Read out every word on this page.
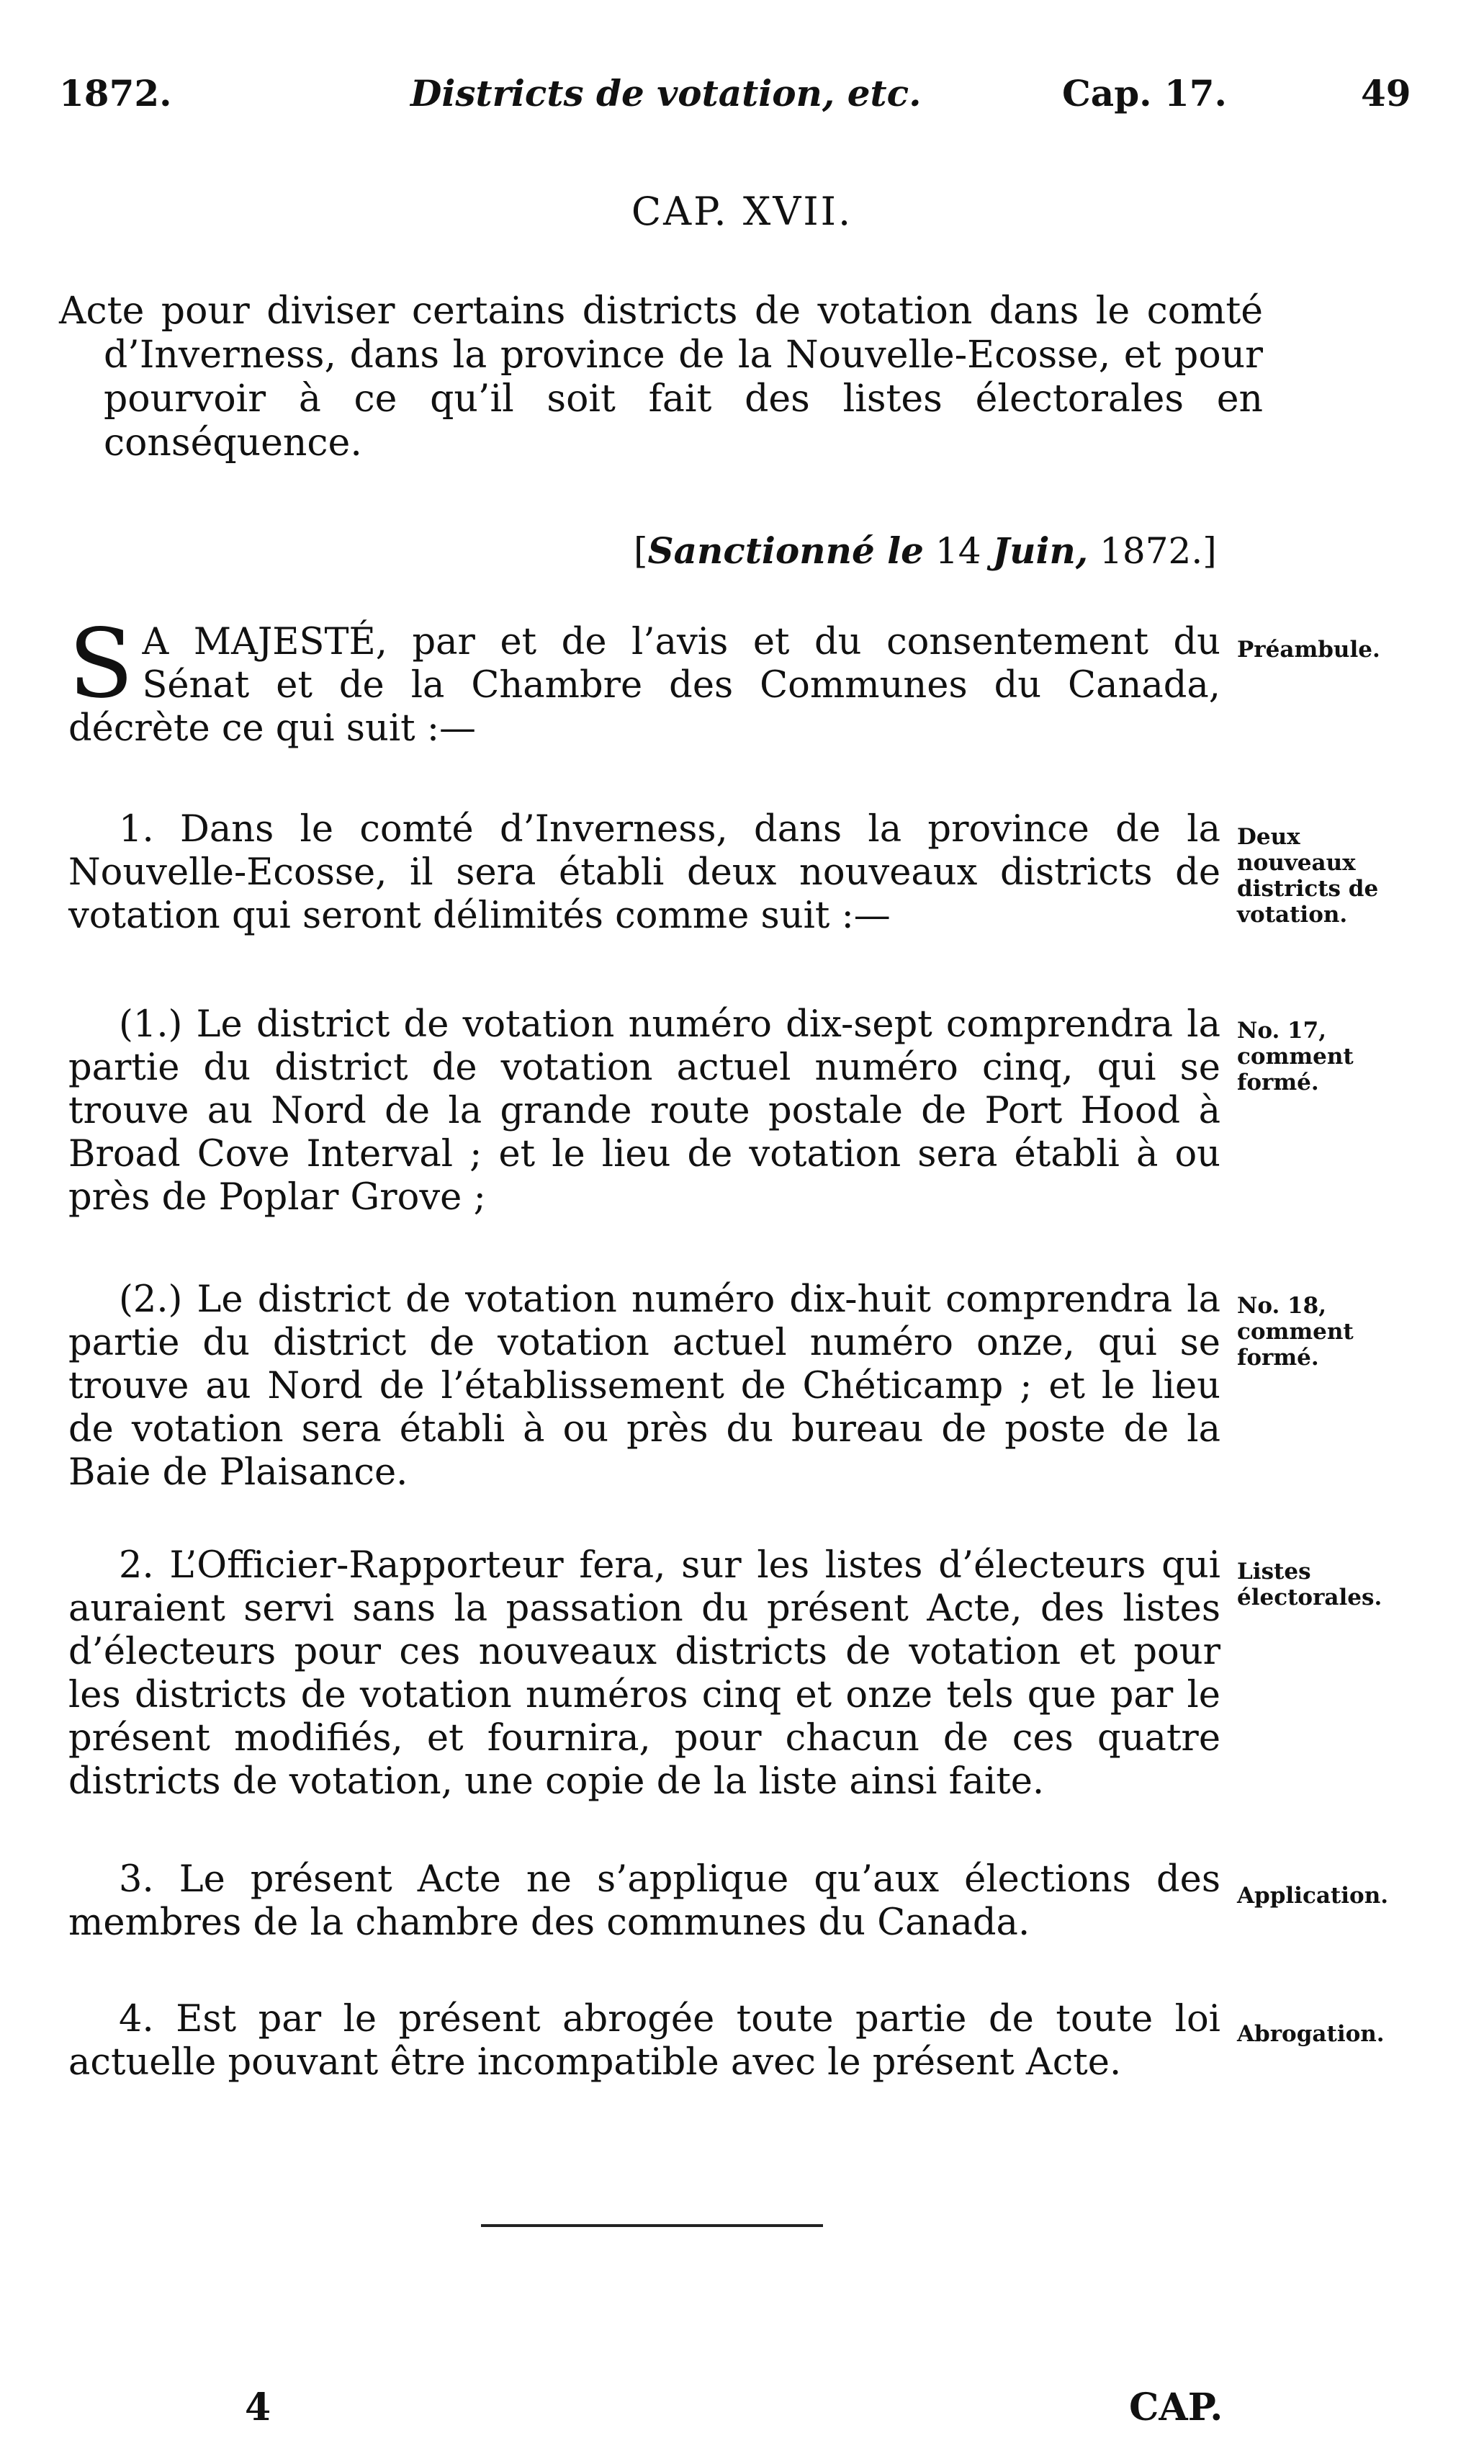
1872.	Districts de votation, etc.	Cap. 17.	49
CAP. XVII.
Acte pour diviser certains districts de votation dans le comté d’Inverness, dans la province de la Nouvelle-Ecosse, et pour pourvoir à ce qu’il soit fait des listes électorales en conséquence.
[Sanctionné le 14 Juin, 1872.]
S A MAJESTÉ, par et de l’avis et du consentement du Sénat et de la Chambre des Communes du Canada, décrète ce qui suit :—
Préambule.
1. Dans le comté d’Inverness, dans la province de la Nouvelle-Ecosse, il sera établi deux nouveaux districts de votation qui seront délimités comme suit :—
Deux nouveaux districts de votation.
(1.) Le district de votation numéro dix-sept comprendra la partie du district de votation actuel numéro cinq, qui se trouve au Nord de la grande route postale de Port Hood à Broad Cove Interval ; et le lieu de votation sera établi à ou près de Poplar Grove ;
No. 17, comment formé.
(2.) Le district de votation numéro dix-huit comprendra la partie du district de votation actuel numéro onze, qui se trouve au Nord de l’établissement de Chéticamp ; et le lieu de votation sera établi à ou près du bureau de poste de la Baie de Plaisance.
No. 18, comment formé.
2. L’Officier-Rapporteur fera, sur les listes d’électeurs qui auraient servi sans la passation du présent Acte, des listes d’électeurs pour ces nouveaux districts de votation et pour les districts de votation numéros cinq et onze tels que par le présent modifiés, et fournira, pour chacun de ces quatre districts de votation, une copie de la liste ainsi faite.
Listes électorales.
3. Le présent Acte ne s’applique qu’aux élections des membres de la chambre des communes du Canada.
Application.
4. Est par le présent abrogée toute partie de toute loi actuelle pouvant être incompatible avec le présent Acte.
Abrogation.
4	CAP.
